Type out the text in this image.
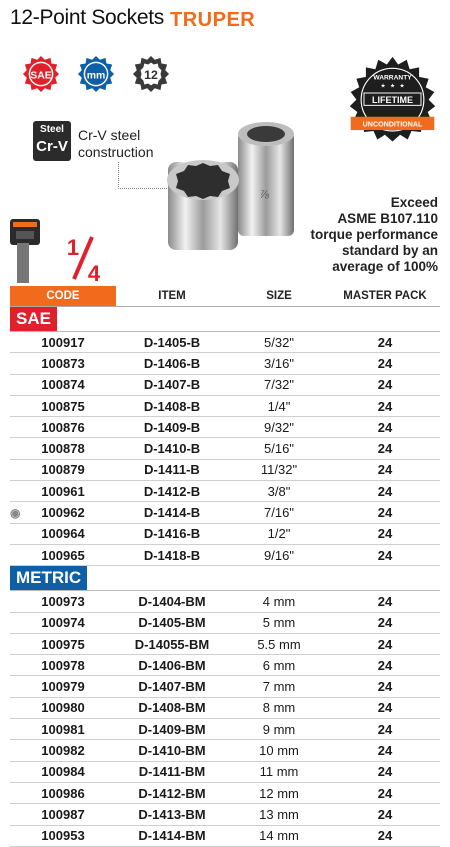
12-Point Sockets TRUPER
SAE	mm	12	WARRANTY
LIFETIME
★ ★ ★
UNCONDITIONAL
Steel
Cr-V
Cr-V steel
construction
⅞	Exceed
ASME B107.110
torque performance
standard by an
average of 100%
1
4
CODE	ITEM	SIZE	MASTER PACK
SAE
100917	D-1405-B	5/32"	24
100873	D-1406-B	3/16"	24
100874	D-1407-B	7/32"	24
100875	D-1408-B	1/4"	24
100876	D-1409-B	9/32"	24
100878	D-1410-B	5/16"	24
100879	D-1411-B	11/32"	24
100961	D-1412-B	3/8"	24
◉	100962	D-1414-B	7/16"	24
100964	D-1416-B	1/2"	24
100965	D-1418-B	9/16"	24
METRIC
100973	D-1404-BM	4 mm	24
100974	D-1405-BM	5 mm	24
100975	D-14055-BM	5.5 mm	24
100978	D-1406-BM	6 mm	24
100979	D-1407-BM	7 mm	24
100980	D-1408-BM	8 mm	24
100981	D-1409-BM	9 mm	24
100982	D-1410-BM	10 mm	24
100984	D-1411-BM	11 mm	24
100986	D-1412-BM	12 mm	24
100987	D-1413-BM	13 mm	24
100953	D-1414-BM	14 mm	24
